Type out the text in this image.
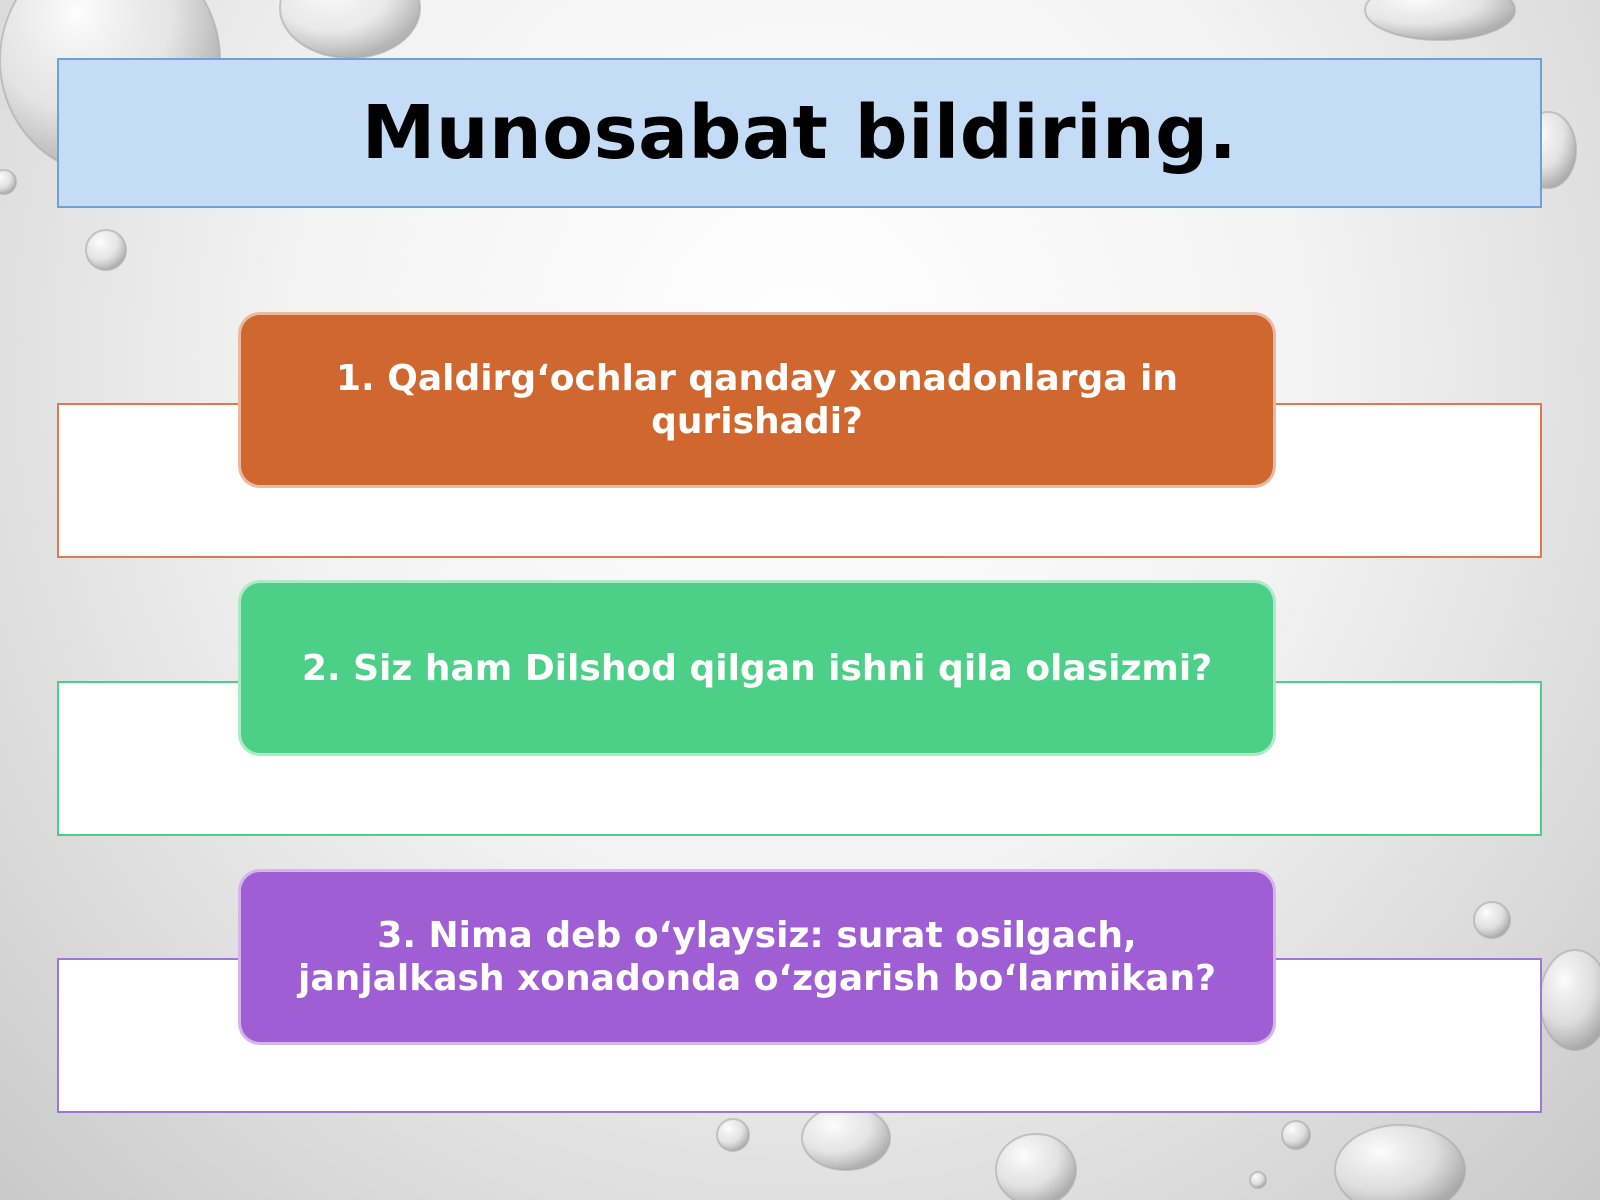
Munosabat bildiring.
1. Qaldirg‘ochlar qanday xonadonlarga in
qurishadi?
2. Siz ham Dilshod qilgan ishni qila olasizmi?
3. Nima deb o‘ylaysiz: surat osilgach,
janjalkash xonadonda o‘zgarish bo‘larmikan?
